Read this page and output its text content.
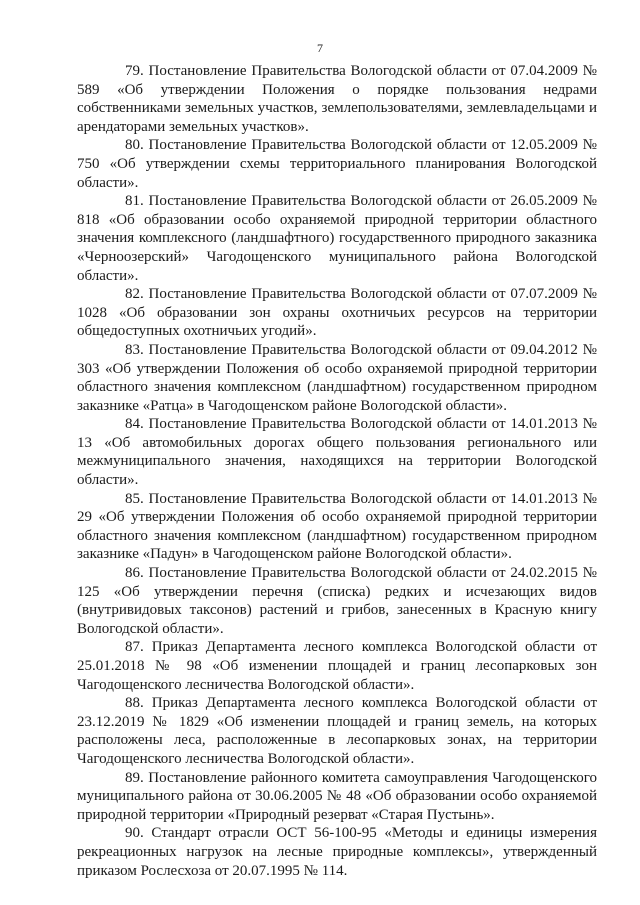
7

79. Постановление Правительства Вологодской области от 07.04.2009 № 589 «Об утверждении Положения о порядке пользования недрами собственниками земельных участков, землепользователями, землевладельцами и арендаторами земельных участков».

80. Постановление Правительства Вологодской области от 12.05.2009 № 750 «Об утверждении схемы территориального планирования Вологодской области».

81. Постановление Правительства Вологодской области от 26.05.2009 № 818 «Об образовании особо охраняемой природной территории областного значения комплексного (ландшафтного) государственного природного заказника «Черноозерский» Чагодощенского муниципального района Вологодской области».

82. Постановление Правительства Вологодской области от 07.07.2009 № 1028 «Об образовании зон охраны охотничьих ресурсов на территории общедоступных охотничьих угодий».

83. Постановление Правительства Вологодской области от 09.04.2012 № 303 «Об утверждении Положения об особо охраняемой природной территории областного значения комплексном (ландшафтном) государственном природном заказнике «Ратца» в Чагодощенском районе Вологодской области».

84. Постановление Правительства Вологодской области от 14.01.2013 № 13 «Об автомобильных дорогах общего пользования регионального или межмуниципального значения, находящихся на территории Вологодской области».

85. Постановление Правительства Вологодской области от 14.01.2013 № 29 «Об утверждении Положения об особо охраняемой природной территории областного значения комплексном (ландшафтном) государственном природном заказнике «Падун» в Чагодощенском районе Вологодской области».

86. Постановление Правительства Вологодской области от 24.02.2015 № 125 «Об утверждении перечня (списка) редких и исчезающих видов (внутривидовых таксонов) растений и грибов, занесенных в Красную книгу Вологодской области».

87. Приказ Департамента лесного комплекса Вологодской области от 25.01.2018 № 98 «Об изменении площадей и границ лесопарковых зон Чагодощенского лесничества Вологодской области».

88. Приказ Департамента лесного комплекса Вологодской области от 23.12.2019 № 1829 «Об изменении площадей и границ земель, на которых расположены леса, расположенные в лесопарковых зонах, на территории Чагодощенского лесничества Вологодской области».

89. Постановление районного комитета самоуправления Чагодощенского муниципального района от 30.06.2005 № 48 «Об образовании особо охраняемой природной территории «Природный резерват «Старая Пустынь».

90. Стандарт отрасли ОСТ 56-100-95 «Методы и единицы измерения рекреационных нагрузок на лесные природные комплексы», утвержденный приказом Рослесхоза от 20.07.1995 № 114.
